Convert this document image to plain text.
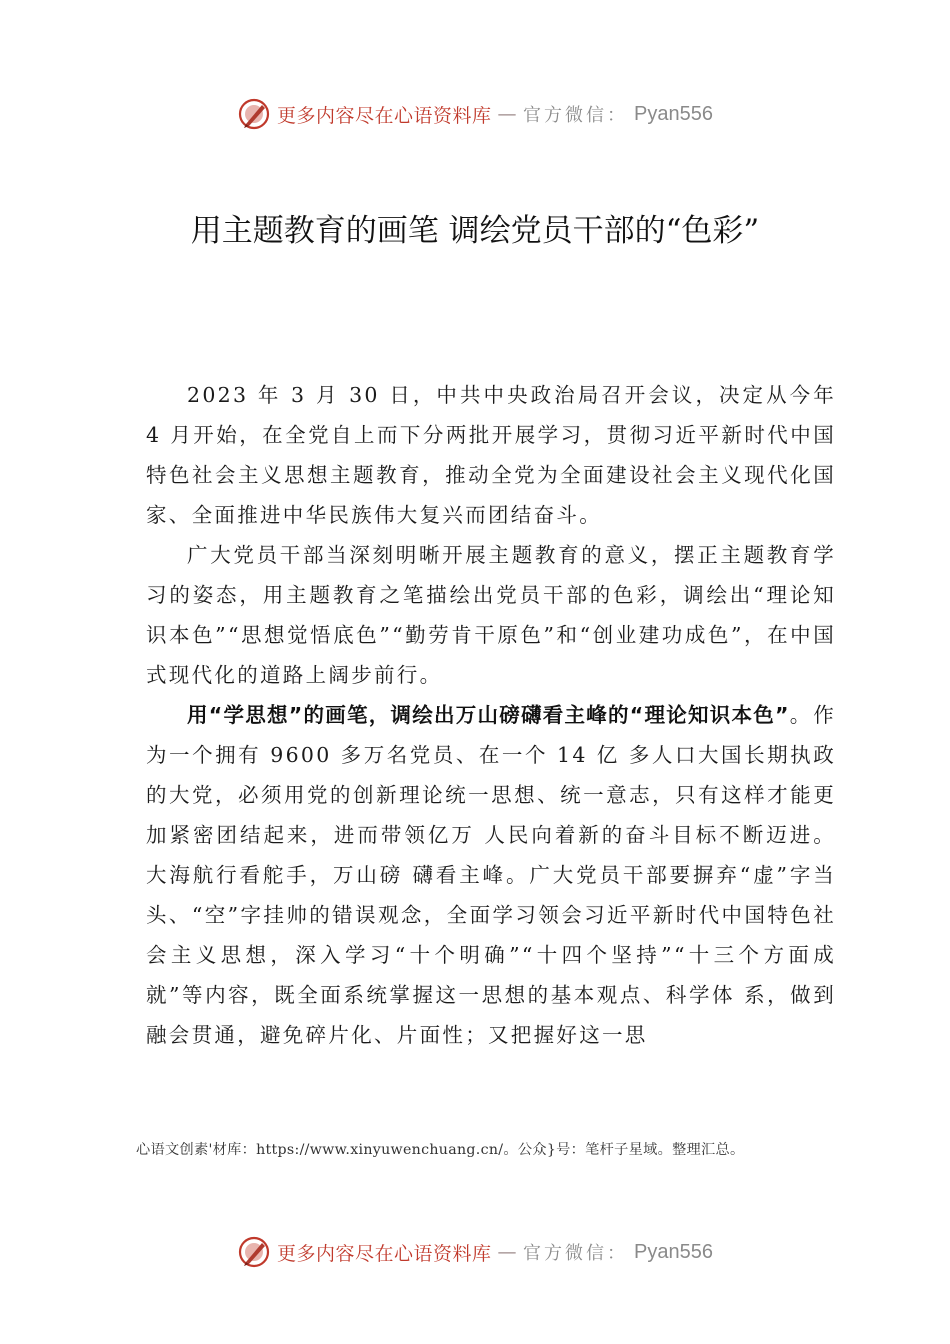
更多内容尽在心语资料库 — 官方微信： Pyan556
用主题教育的画笔 调绘党员干部的“色彩”

2023 年 3 月 30 日，中共中央政治局召开会议，决定从今年 4 月开始，在全党自上而下分两批开展学习，贯彻习近平新时代中国特色社会主义思想主题教育，推动全党为全面建设社会主义现代化国家、全面推进中华民族伟大复兴而团结奋斗。

广大党员干部当深刻明晰开展主题教育的意义，摆正主题教育学习的姿态，用主题教育之笔描绘出党员干部的色彩，调绘出“理论知识本色”“思想觉悟底色”“勤劳肯干原色”和“创业建功成色”，在中国式现代化的道路上阔步前行。

用“学思想”的画笔，调绘出万山磅礴看主峰的“理论知识本色”。作为一个拥有 9600 多万名党员、在一个 14 亿 多人口大国长期执政的大党，必须用党的创新理论统一思想、统一意志，只有这样才能更加紧密团结起来，进而带领亿万 人民向着新的奋斗目标不断迈进。大海航行看舵手，万山磅 礴看主峰。广大党员干部要摒弃“虚”字当头、“空”字挂帅的错误观念，全面学习领会习近平新时代中国特色社会主义思想，深入学习“十个明确”“十四个坚持”“十三个方面成 就”等内容，既全面系统掌握这一思想的基本观点、科学体 系，做到融会贯通，避免碎片化、片面性；又把握好这一思

心语文创素'材库：https://www.xinyuwenchuang.cn/。公众}号：笔杆子星域。整理汇总。
更多内容尽在心语资料库 — 官方微信： Pyan556
